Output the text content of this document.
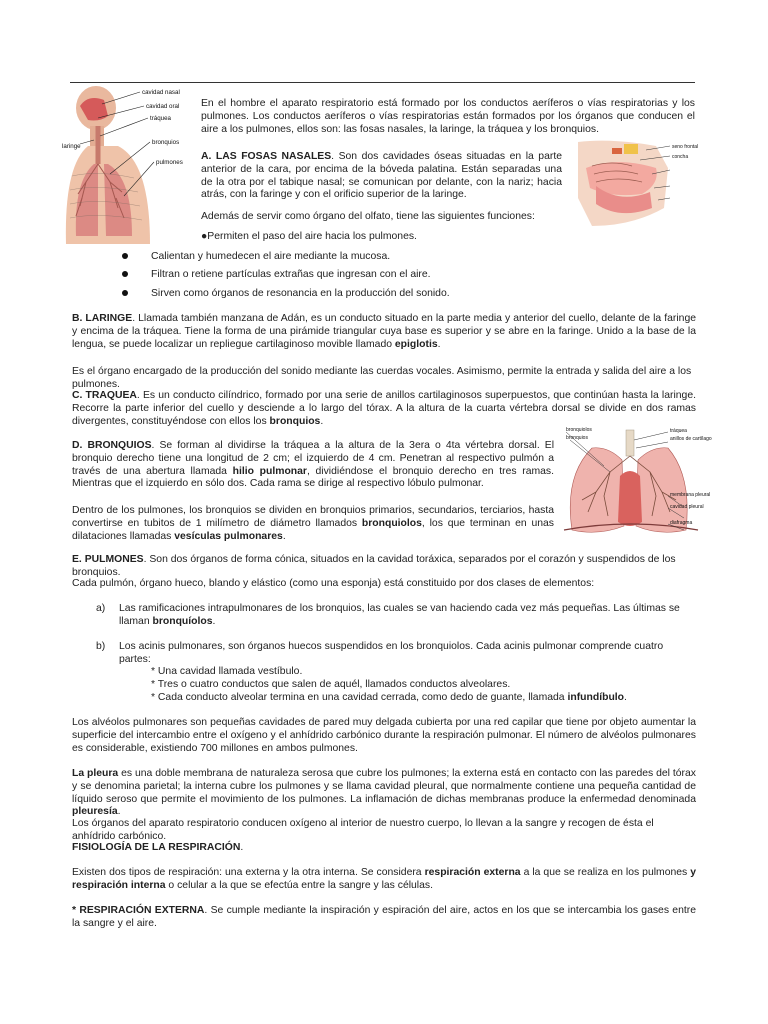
cavidad nasal
cavidad oral
tráquea
laringe
bronquios
pulmones
seno frontal
concha
bronquiolos
bronquios
tráquea
anillos de cartílago
membrana pleural
cavidad pleural
diafragma
En el hombre el aparato respiratorio está formado por los conductos aeríferos o vías respiratorias y los pulmones. Los conductos aeríferos o vías respiratorias están formados por los órganos que conducen el aire a los pulmones, ellos son: las fosas nasales, la laringe, la tráquea y los bronquios.
A. LAS FOSAS NASALES. Son dos cavidades óseas situadas en la parte anterior de la cara, por encima de la bóveda palatina. Están separadas una de la otra por el tabique nasal; se comunican por delante, con la nariz; hacia atrás, con la faringe y con el orificio superior de la laringe.
Además de servir como órgano del olfato, tiene las siguientes funciones:
●Permiten el paso del aire hacia los pulmones.
Calientan y humedecen el aire mediante la mucosa.
Filtran o retiene partículas extrañas que ingresan con el aire.
Sirven como órganos de resonancia en la producción del sonido.
B. LARINGE. Llamada también manzana de Adán, es un conducto situado en la parte media y anterior del cuello, delante de la faringe y encima de la tráquea. Tiene la forma de una pirámide triangular cuya base es superior y se abre en la faringe. Unido a la base de la lengua, se puede localizar un repliegue cartilaginoso movible llamado epiglotis.
Es el órgano encargado de la producción del sonido mediante las cuerdas vocales. Asimismo, permite la entrada y salida del aire a los pulmones.
C. TRAQUEA. Es un conducto cilíndrico, formado por una serie de anillos cartilaginosos superpuestos, que continúan hasta la laringe. Recorre la parte inferior del cuello y desciende a lo largo del tórax. A la altura de la cuarta vértebra dorsal se divide en dos ramas divergentes, constituyéndose con ellos los bronquios.
D. BRONQUIOS. Se forman al dividirse la tráquea a la altura de la 3era o 4ta vértebra dorsal. El bronquio derecho tiene una longitud de 2 cm; el izquierdo de 4 cm. Penetran al respectivo pulmón a través de una abertura llamada hilio pulmonar, dividiéndose el bronquio derecho en tres ramas. Mientras que el izquierdo en sólo dos. Cada rama se dirige al respectivo lóbulo pulmonar.
Dentro de los pulmones, los bronquios se dividen en bronquios primarios, secundarios, terciarios, hasta convertirse en tubitos de 1 milímetro de diámetro llamados bronquiolos, los que terminan en unas dilataciones llamadas vesículas pulmonares.
E. PULMONES. Son dos órganos de forma cónica, situados en la cavidad toráxica, separados por el corazón y suspendidos de los bronquios.
Cada pulmón, órgano hueco, blando y elástico (como una esponja) está constituido por dos clases de elementos:
a) Las ramificaciones intrapulmonares de los bronquios, las cuales se van haciendo cada vez más pequeñas. Las últimas se llaman bronquíolos.
b) Los acinis pulmonares, son órganos huecos suspendidos en los bronquiolos. Cada acinis pulmonar comprende cuatro partes:
* Una cavidad llamada vestíbulo.
* Tres o cuatro conductos que salen de aquél, llamados conductos alveolares.
* Cada conducto alveolar termina en una cavidad cerrada, como dedo de guante, llamada infundíbulo.
Los alvéolos pulmonares son pequeñas cavidades de pared muy delgada cubierta por una red capilar que tiene por objeto aumentar la superficie del intercambio entre el oxígeno y el anhídrido carbónico durante la respiración pulmonar. El número de alvéolos pulmonares es considerable, existiendo 700 millones en ambos pulmones.
La pleura es una doble membrana de naturaleza serosa que cubre los pulmones; la externa está en contacto con las paredes del tórax y se denomina parietal; la interna cubre los pulmones y se llama cavidad pleural, que normalmente contiene una pequeña cantidad de líquido seroso que permite el movimiento de los pulmones. La inflamación de dichas membranas produce la enfermedad denominada pleuresía.
Los órganos del aparato respiratorio conducen oxígeno al interior de nuestro cuerpo, lo llevan a la sangre y recogen de ésta el anhídrido carbónico.
FISIOLOGÍA DE LA RESPIRACIÓN.
Existen dos tipos de respiración: una externa y la otra interna. Se considera respiración externa a la que se realiza en los pulmones y respiración interna o celular a la que se efectúa entre la sangre y las células.
* RESPIRACIÓN EXTERNA. Se cumple mediante la inspiración y espiración del aire, actos en los que se intercambia los gases entre la sangre y el aire.
